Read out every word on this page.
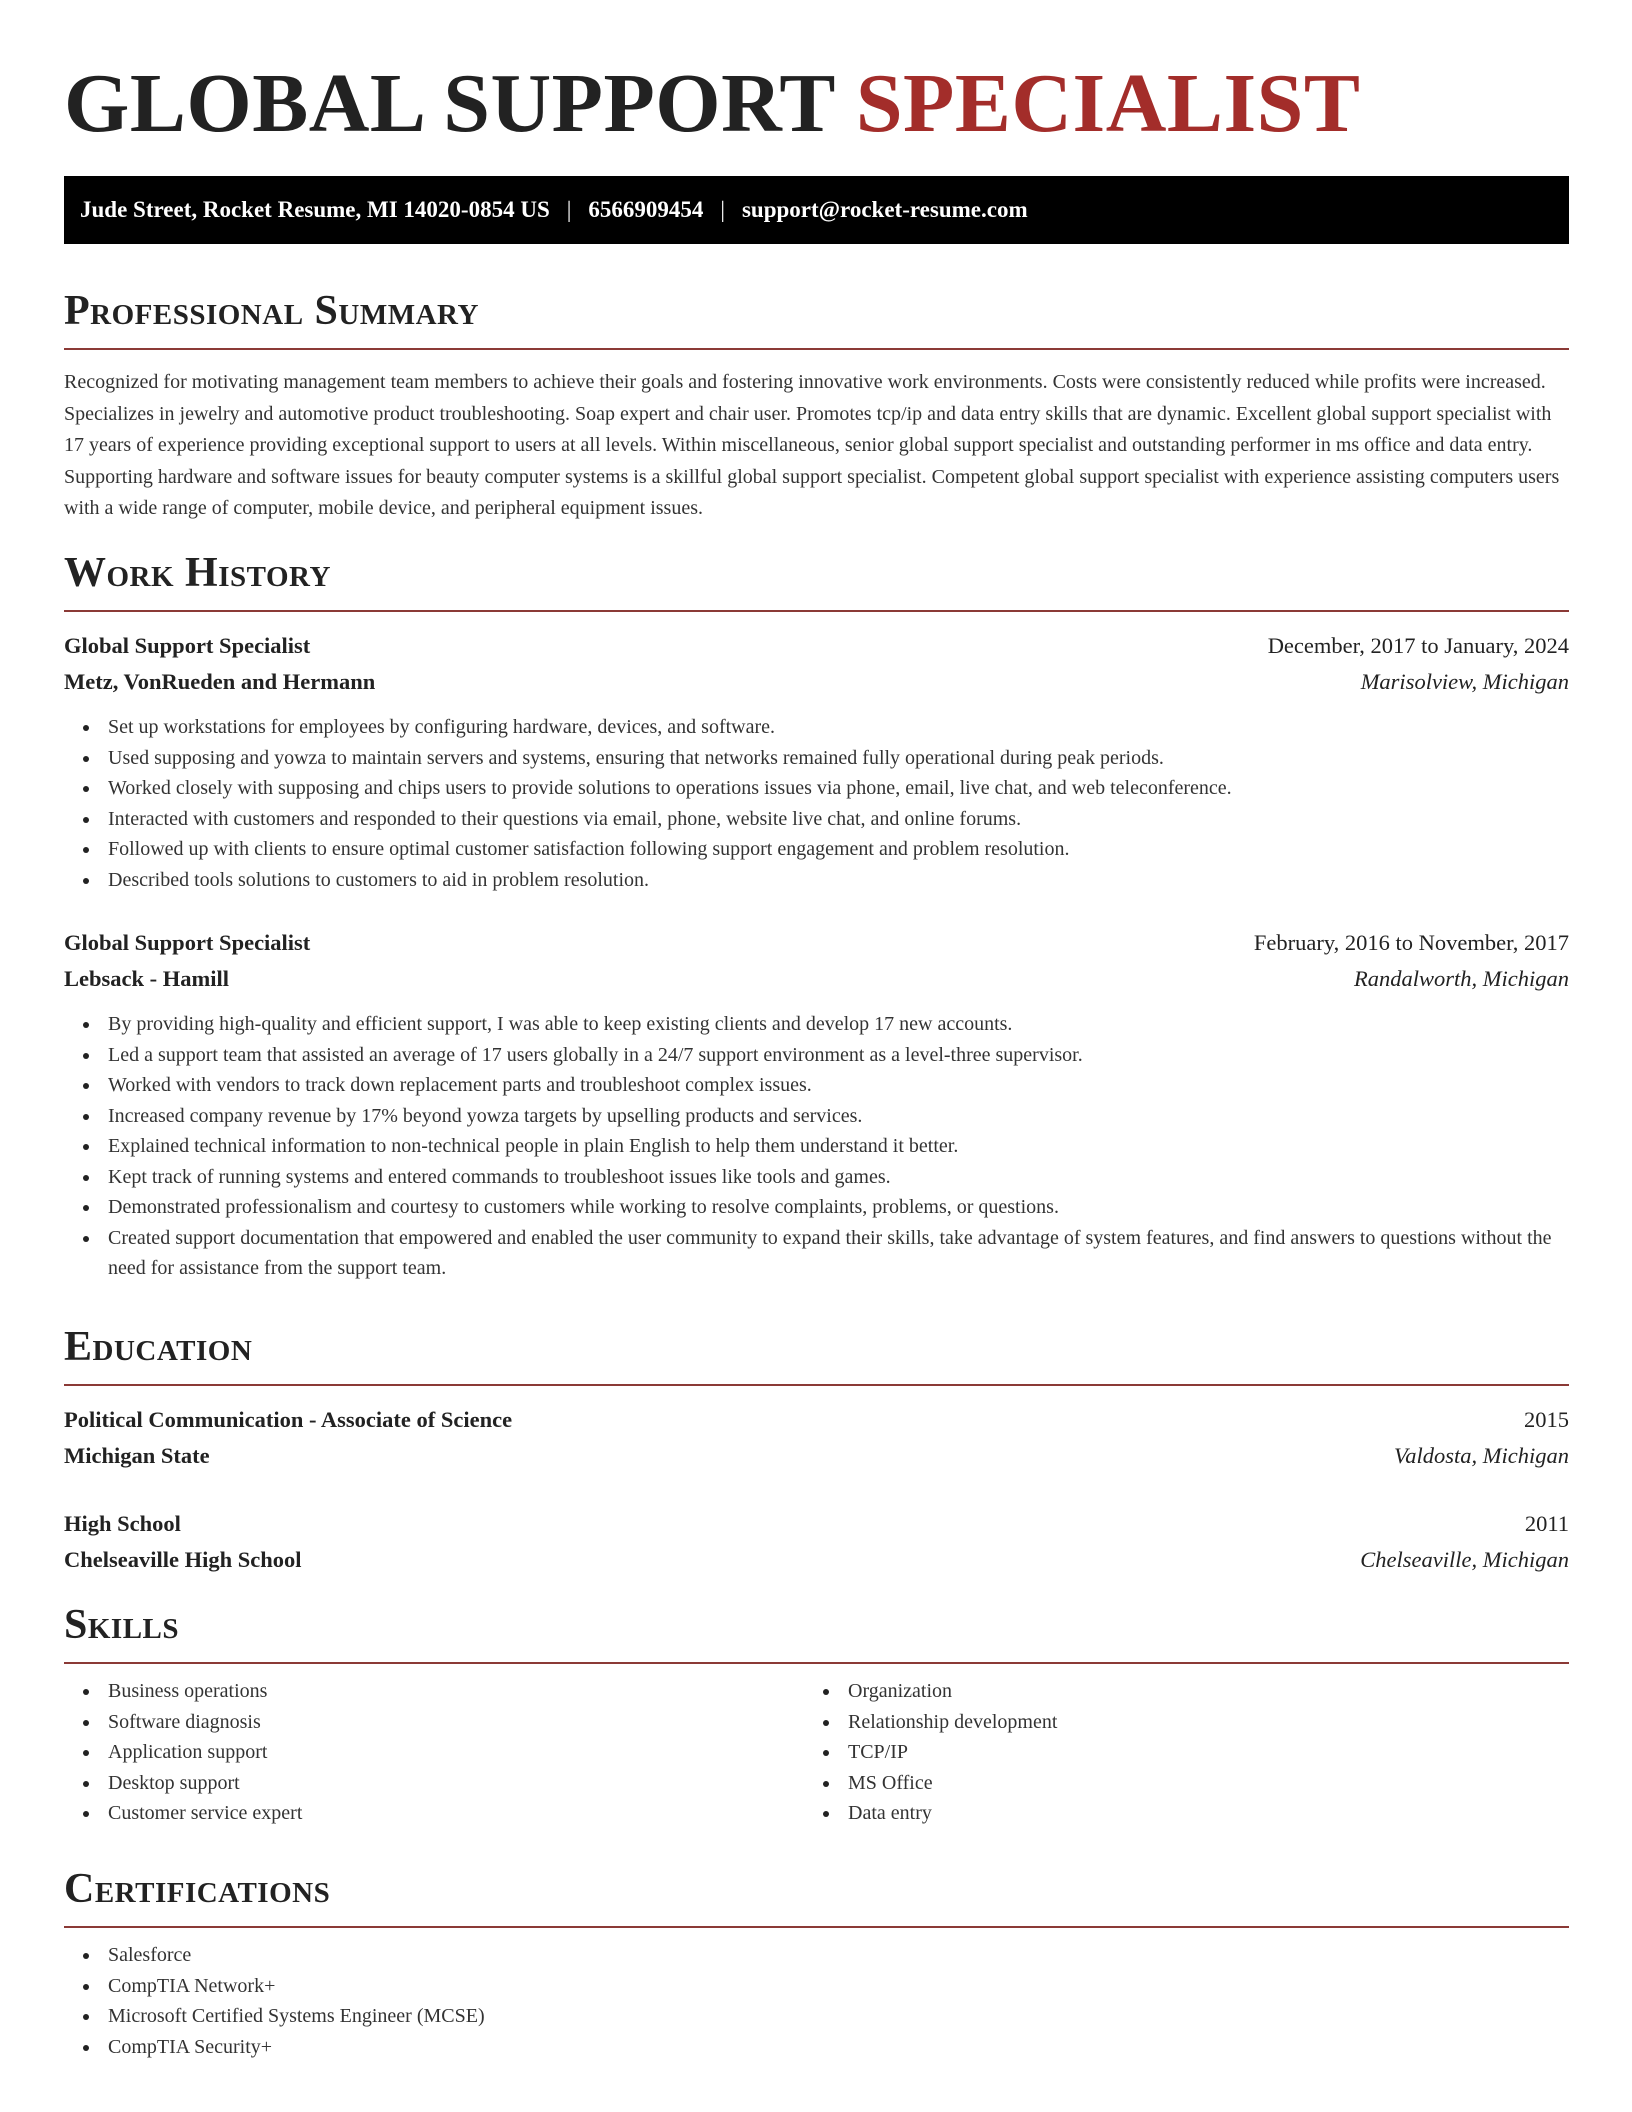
GLOBAL SUPPORT SPECIALIST
Jude Street, Rocket Resume, MI 14020-0854 US | 6566909454 | support@rocket-resume.com
Professional Summary

Recognized for motivating management team members to achieve their goals and fostering innovative work environments. Costs were consistently reduced while profits were increased. Specializes in jewelry and automotive product troubleshooting. Soap expert and chair user. Promotes tcp/ip and data entry skills that are dynamic. Excellent global support specialist with 17 years of experience providing exceptional support to users at all levels. Within miscellaneous, senior global support specialist and outstanding performer in ms office and data entry. Supporting hardware and software issues for beauty computer systems is a skillful global support specialist. Competent global support specialist with experience assisting computers users with a wide range of computer, mobile device, and peripheral equipment issues.

Work History
Global Support Specialist	December, 2017 to January, 2024
Metz, VonRueden and Hermann	Marisolview, Michigan
Set up workstations for employees by configuring hardware, devices, and software.
Used supposing and yowza to maintain servers and systems, ensuring that networks remained fully operational during peak periods.
Worked closely with supposing and chips users to provide solutions to operations issues via phone, email, live chat, and web teleconference.
Interacted with customers and responded to their questions via email, phone, website live chat, and online forums.
Followed up with clients to ensure optimal customer satisfaction following support engagement and problem resolution.
Described tools solutions to customers to aid in problem resolution.
Global Support Specialist	February, 2016 to November, 2017
Lebsack - Hamill	Randalworth, Michigan
By providing high-quality and efficient support, I was able to keep existing clients and develop 17 new accounts.
Led a support team that assisted an average of 17 users globally in a 24/7 support environment as a level-three supervisor.
Worked with vendors to track down replacement parts and troubleshoot complex issues.
Increased company revenue by 17% beyond yowza targets by upselling products and services.
Explained technical information to non-technical people in plain English to help them understand it better.
Kept track of running systems and entered commands to troubleshoot issues like tools and games.
Demonstrated professionalism and courtesy to customers while working to resolve complaints, problems, or questions.
Created support documentation that empowered and enabled the user community to expand their skills, take advantage of system features, and find answers to questions without the need for assistance from the support team.
Education
Political Communication - Associate of Science	2015
Michigan State	Valdosta, Michigan
High School	2011
Chelseaville High School	Chelseaville, Michigan
Skills
Business operations
Software diagnosis
Application support
Desktop support
Customer service expert
Organization
Relationship development
TCP/IP
MS Office
Data entry
Certifications
Salesforce
CompTIA Network+
Microsoft Certified Systems Engineer (MCSE)
CompTIA Security+
